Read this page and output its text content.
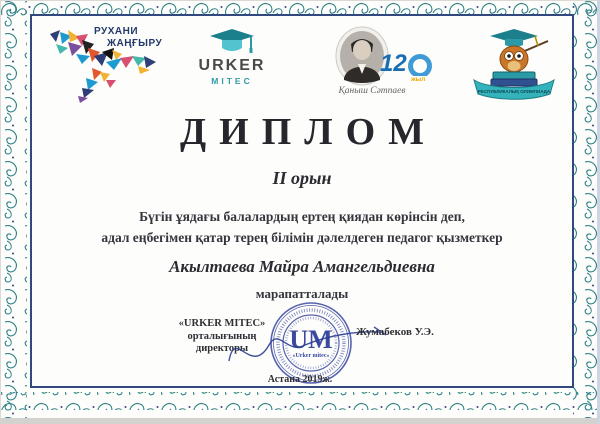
РУХАНИ
ЖАҢҒЫРУ
URKER
MITEC
12
жыл
Қаныш Сәтпаев	РЕСПУБЛИКАЛЫҚ ОЛИМПИАДА
ДИПЛОМ
II орын
Бүгін ұядағы балалардың ертең қиядан көрінсін деп,
адал еңбегімен қатар терең білімін дәлелдеген педагог қызметкер
Акылтаева Майра Амангельдиевна
марапатталады
«URKER MITEC»
орталығының
директоры	UM
«Urker mitec»
Жумабеков У.Э.
Астана 2019ж.
